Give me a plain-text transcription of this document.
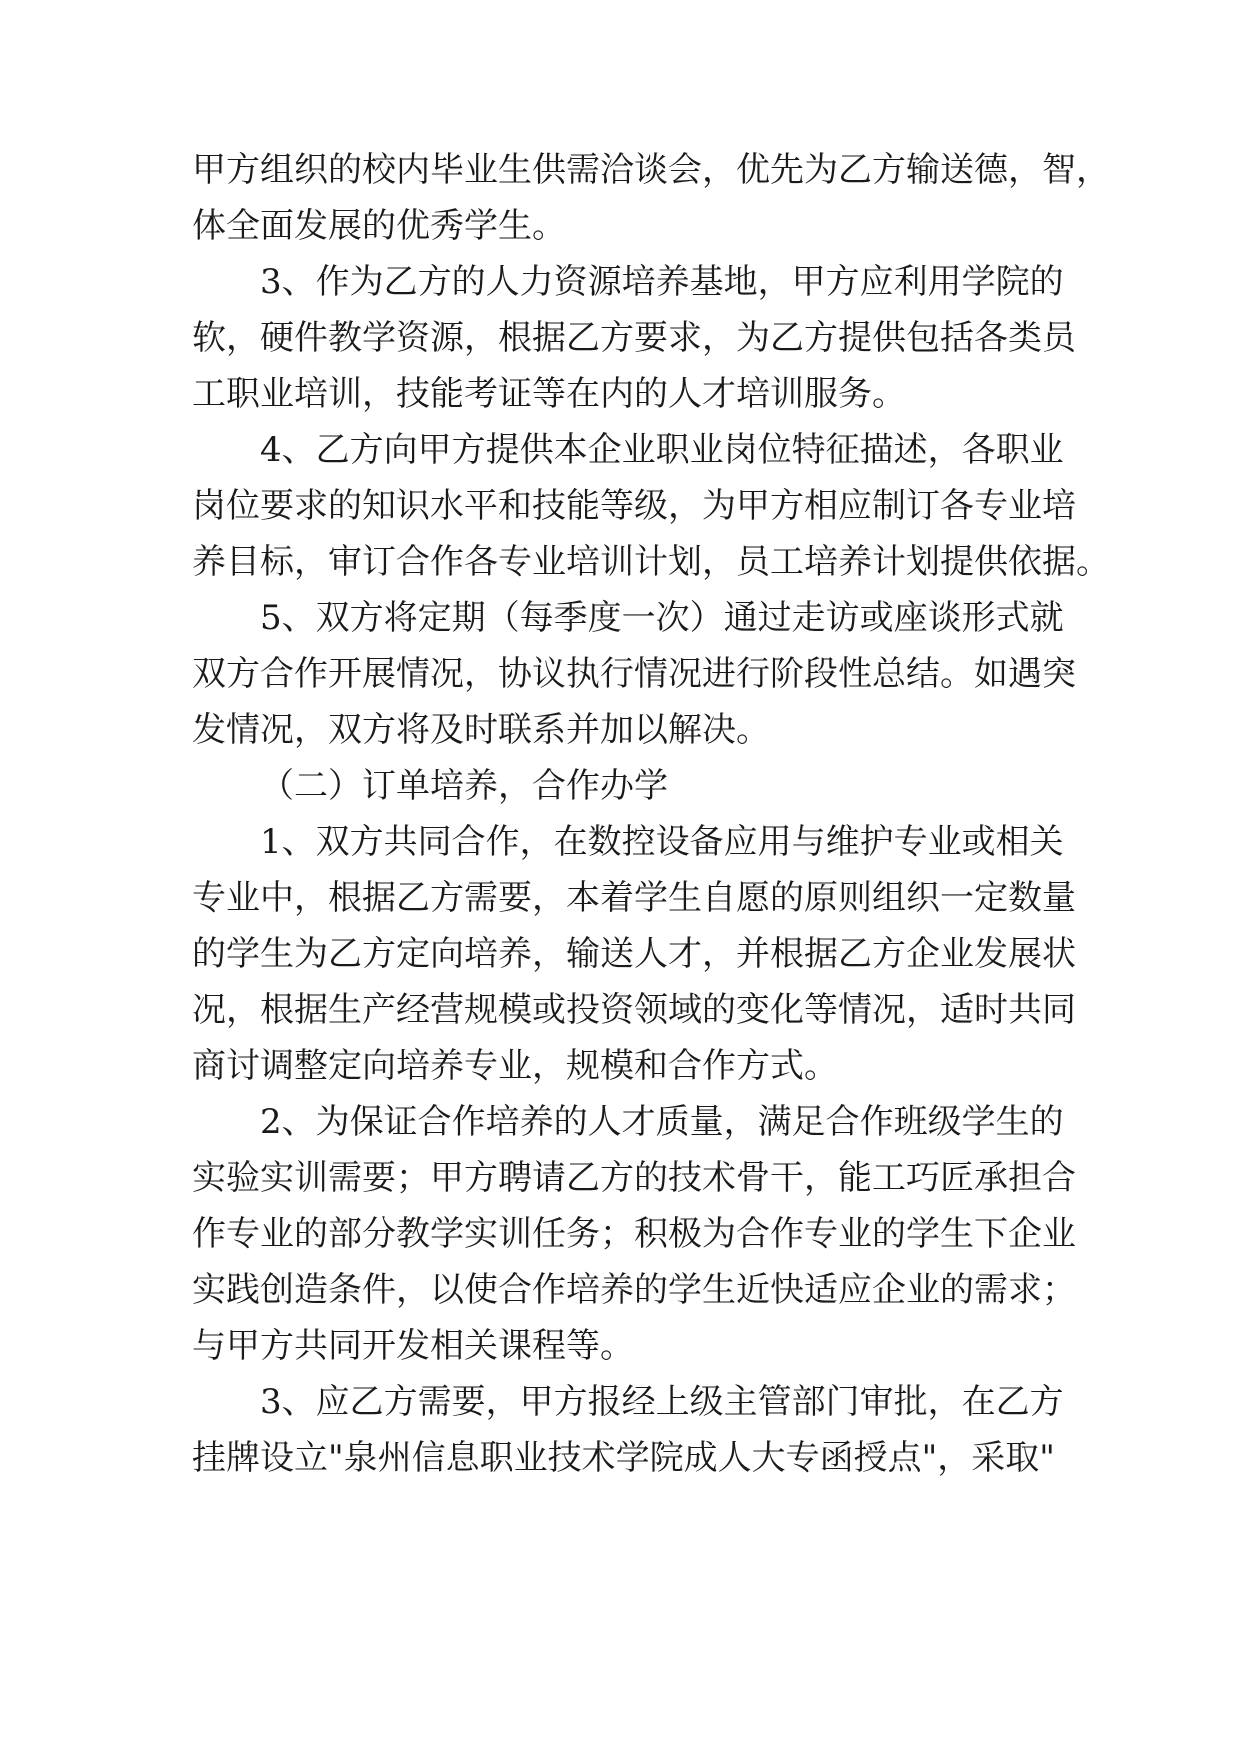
甲方组织的校内毕业生供需洽谈会，优先为乙方输送德，智，
体全面发展的优秀学生。
3、作为乙方的人力资源培养基地，甲方应利用学院的
软，硬件教学资源，根据乙方要求，为乙方提供包括各类员
工职业培训，技能考证等在内的人才培训服务。
4、乙方向甲方提供本企业职业岗位特征描述，各职业
岗位要求的知识水平和技能等级，为甲方相应制订各专业培
养目标，审订合作各专业培训计划，员工培养计划提供依据。
5、双方将定期（每季度一次）通过走访或座谈形式就
双方合作开展情况，协议执行情况进行阶段性总结。如遇突
发情况，双方将及时联系并加以解决。
（二）订单培养，合作办学
1、双方共同合作，在数控设备应用与维护专业或相关
专业中，根据乙方需要，本着学生自愿的原则组织一定数量
的学生为乙方定向培养，输送人才，并根据乙方企业发展状
况，根据生产经营规模或投资领域的变化等情况，适时共同
商讨调整定向培养专业，规模和合作方式。
2、为保证合作培养的人才质量，满足合作班级学生的
实验实训需要；甲方聘请乙方的技术骨干，能工巧匠承担合
作专业的部分教学实训任务；积极为合作专业的学生下企业
实践创造条件，以使合作培养的学生近快适应企业的需求；
与甲方共同开发相关课程等。
3、应乙方需要，甲方报经上级主管部门审批，在乙方
挂牌设立"泉州信息职业技术学院成人大专函授点"，采取"
